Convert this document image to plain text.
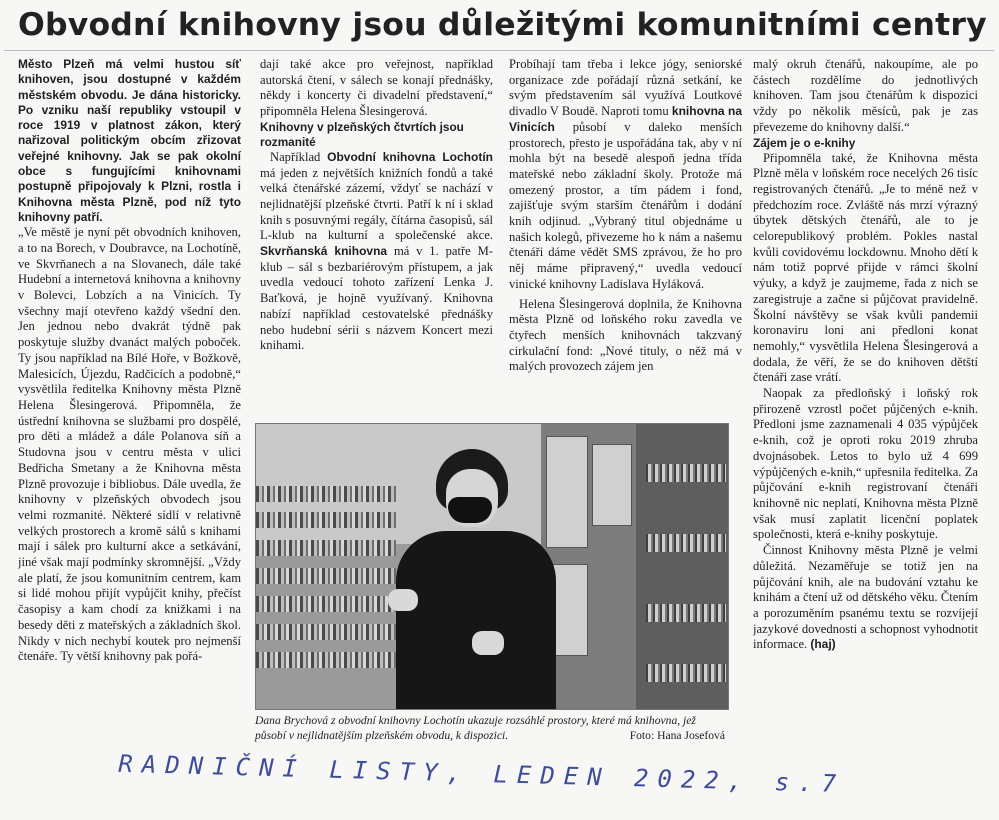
Obvodní knihovny jsou důležitými komunitními centry

Město Plzeň má velmi hustou síť knihoven, jsou dostupné v každém městském obvodu. Je dána historicky. Po vzniku naší republiky vstoupil v roce 1919 v platnost zákon, který nařizoval politickým obcím zřizovat veřejné knihovny. Jak se pak okolní obce s fungujícími knihovnami postupně připojovaly k Plzni, rostla i Knihovna města Plzně, pod níž tyto knihovny patří.

„Ve městě je nyní pět obvodních knihoven, a to na Borech, v Doubravce, na Lochotíně, ve Skvrňanech a na Slovanech, dále také Hudební a internetová knihovna a knihovny v Bolevci, Lobzích a na Vinicích. Ty všechny mají otevřeno každý všední den. Jen jednou nebo dvakrát týdně pak poskytuje služby dvanáct malých poboček. Ty jsou například na Bílé Hoře, v Božkově, Malesicích, Újezdu, Radčicích a podobně,“ vysvětlila ředitelka Knihovny města Plzně Helena Šlesingerová. Připomněla, že ústřední knihovna se službami pro dospělé, pro děti a mládež a dále Polanova síň a Studovna jsou v centru města v ulici Bedřicha Smetany a že Knihovna města Plzně provozuje i bibliobus. Dále uvedla, že knihovny v plzeňských obvodech jsou velmi rozmanité. Některé sídlí v relativně velkých prostorech a kromě sálů s knihami mají i sálek pro kulturní akce a setkávání, jiné však mají podmínky skromnější. „Vždy ale platí, že jsou komunitním centrem, kam si lidé mohou přijít vypůjčit knihy, přečíst časopisy a kam chodí za knižkami i na besedy děti z mateřských a základních škol. Nikdy v nich nechybí koutek pro nejmenší čtenáře. Ty větší knihovny pak pořá-

dají také akce pro veřejnost, například autorská čtení, v sálech se konají přednášky, někdy i koncerty či divadelní představení,“ připomněla Helena Šlesingerová.

Knihovny v plzeňských čtvrtích jsou rozmanité

Například Obvodní knihovna Lochotín má jeden z největších knižních fondů a také velká čtenářské zázemí, vždyť se nachází v nejlidnatější plzeňské čtvrti. Patří k ní i sklad knih s posuvnými regály, čítárna časopisů, sál L-klub na kulturní a společenské akce. Skvrňanská knihovna má v 1. patře M-klub – sál s bezbariérovým přístupem, a jak uvedla vedoucí tohoto zařízení Lenka J. Baťková, je hojně využívaný. Knihovna nabízí například cestovatelské přednášky nebo hudební sérii s názvem Koncert mezi knihami.

Probíhají tam třeba i lekce jógy, seniorské organizace zde pořádají různá setkání, ke svým představením sál využívá Loutkové divadlo V Boudě. Naproti tomu knihovna na Vinicích působí v daleko menších prostorech, přesto je uspořádána tak, aby v ní mohla být na besedě alespoň jedna třída mateřské nebo základní školy. Protože má omezený prostor, a tím pádem i fond, zajišťuje svým starším čtenářům i dodání knih odjinud. „Vybraný titul objednáme u našich kolegů, přivezeme ho k nám a našemu čtenáři dáme vědět SMS zprávou, že ho pro něj máme připravený,“ uvedla vedoucí vinické knihovny Ladislava Hyláková.

Helena Šlesingerová doplnila, že Knihovna města Plzně od loňského roku zavedla ve čtyřech menších knihovnách takzvaný cirkulační fond: „Nové tituly, o něž má v malých provozech zájem jen

malý okruh čtenářů, nakoupíme, ale po částech rozdělíme do jednotlivých knihoven. Tam jsou čtenářům k dispozici vždy po několik měsíců, pak je zas převezeme do knihovny další.“

Zájem je o e-knihy

Připomněla také, že Knihovna města Plzně měla v loňském roce necelých 26 tisíc registrovaných čtenářů. „Je to méně než v předchozím roce. Zvláště nás mrzí výrazný úbytek dětských čtenářů, ale to je celorepublikový problém. Pokles nastal kvůli covidovému lockdownu. Mnoho dětí k nám totiž poprvé přijde v rámci školní výuky, a když je zaujmeme, řada z nich se zaregistruje a začne si půjčovat pravidelně. Školní návštěvy se však kvůli pandemii koronaviru loni ani předloni konat nemohly,“ vysvětlila Helena Šlesingerová a dodala, že věří, že se do knihoven dětští čtenáři zase vrátí.

Naopak za předloňský i loňský rok přirozeně vzrostl počet půjčených e-knih. Předloni jsme zaznamenali 4 035 výpůjček e-knih, což je oproti roku 2019 zhruba dvojnásobek. Letos to bylo už 4 699 výpůjčených e-knih,“ upřesnila ředitelka. Za půjčování e-knih registrovaní čtenáři knihovně nic neplatí, Knihovna města Plzně však musí zaplatit licenční poplatek společnosti, která e-knihy poskytuje.

Činnost Knihovny města Plzně je velmi důležitá. Nezaměřuje se totiž jen na půjčování knih, ale na budování vztahu ke knihám a čtení už od dětského věku. Čtením a porozuměním psanému textu se rozvíjejí jazykové dovednosti a schopnost vyhodnotit informace. (haj)

Dana Brychová z obvodní knihovny Lochotín ukazuje rozsáhlé prostory, které má knihovna, jež působí v nejlidnatějším plzeňském obvodu, k dispozici.	Foto: Hana Josefová
RADNIČNÍ LISTY, LEDEN 2022, s.7
